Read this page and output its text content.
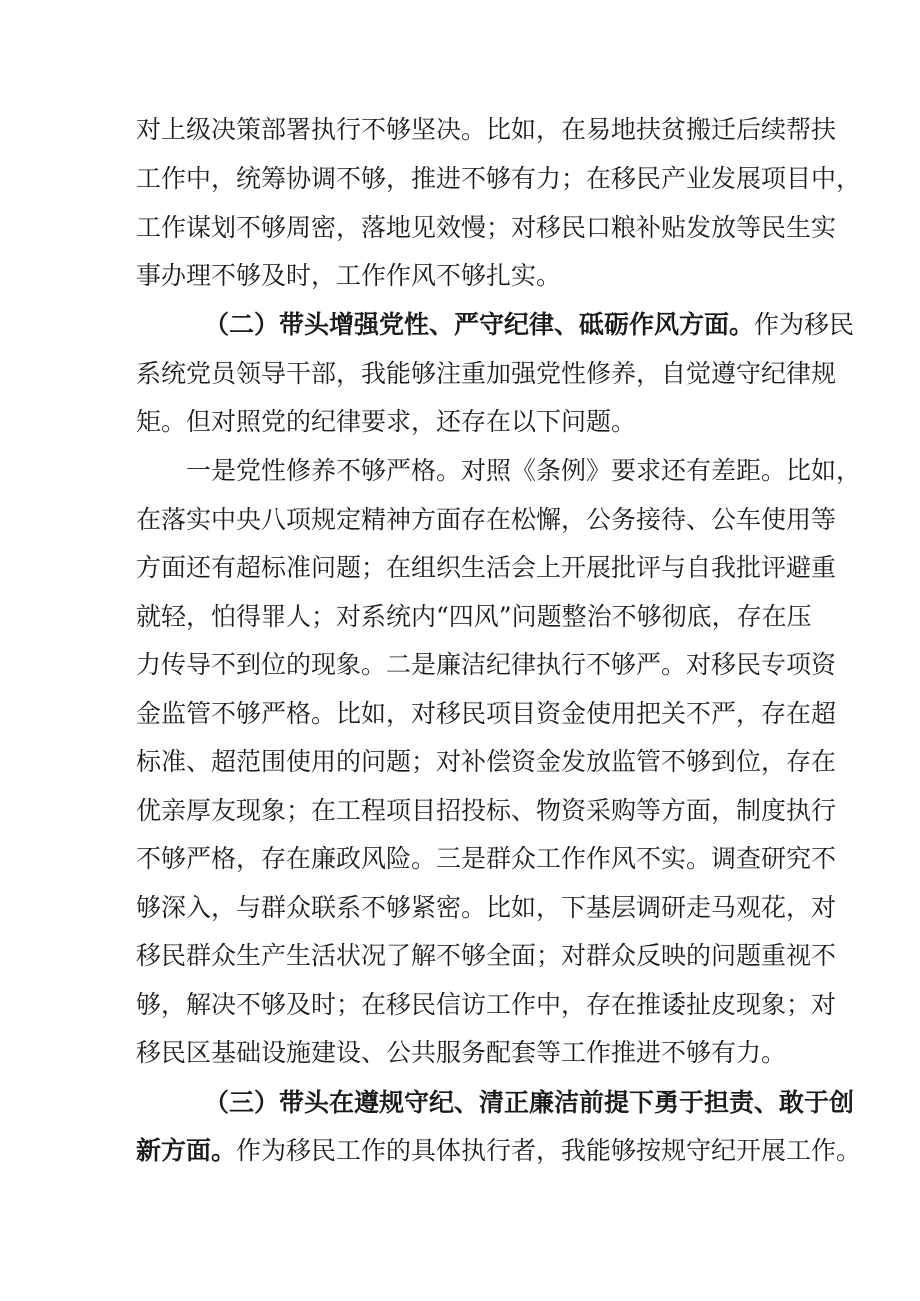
对上级决策部署执行不够坚决。比如，在易地扶贫搬迁后续帮扶

工作中，统筹协调不够，推进不够有力；在移民产业发展项目中，

工作谋划不够周密，落地见效慢；对移民口粮补贴发放等民生实

事办理不够及时，工作作风不够扎实。

（二）带头增强党性、严守纪律、砥砺作风方面。作为移民

系统党员领导干部，我能够注重加强党性修养，自觉遵守纪律规

矩。但对照党的纪律要求，还存在以下问题。

一是党性修养不够严格。对照《条例》要求还有差距。比如，

在落实中央八项规定精神方面存在松懈，公务接待、公车使用等

方面还有超标准问题；在组织生活会上开展批评与自我批评避重

就轻，怕得罪人；对系统内“四风”问题整治不够彻底，存在压

力传导不到位的现象。二是廉洁纪律执行不够严。对移民专项资

金监管不够严格。比如，对移民项目资金使用把关不严，存在超

标准、超范围使用的问题；对补偿资金发放监管不够到位，存在

优亲厚友现象；在工程项目招投标、物资采购等方面，制度执行

不够严格，存在廉政风险。三是群众工作作风不实。调查研究不

够深入，与群众联系不够紧密。比如，下基层调研走马观花，对

移民群众生产生活状况了解不够全面；对群众反映的问题重视不

够，解决不够及时；在移民信访工作中，存在推诿扯皮现象；对

移民区基础设施建设、公共服务配套等工作推进不够有力。

（三）带头在遵规守纪、清正廉洁前提下勇于担责、敢于创

新方面。作为移民工作的具体执行者，我能够按规守纪开展工作。
